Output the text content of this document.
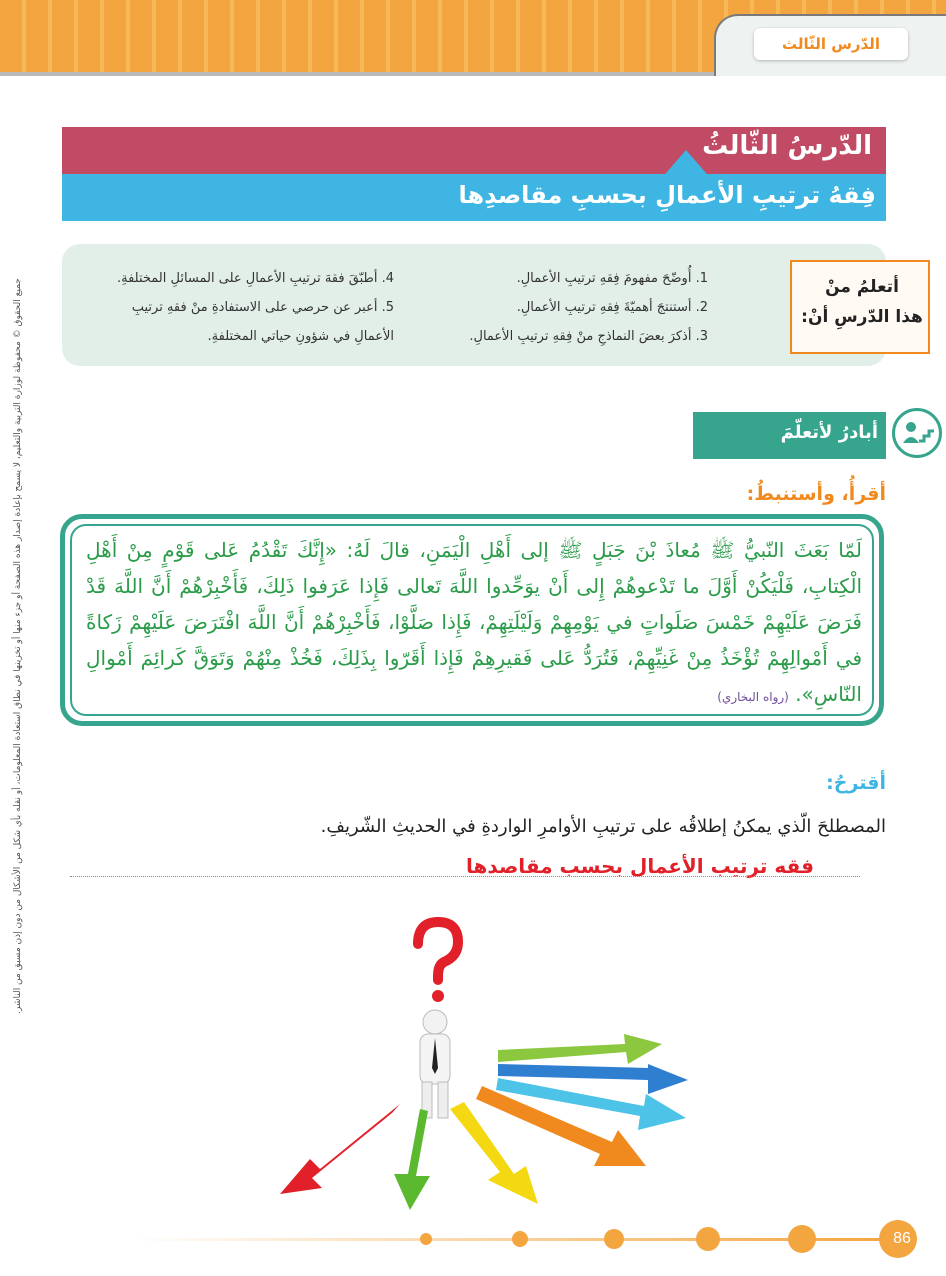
الدّرس الثّالث
الدّرسُ الثّالثُ
فِقهُ ترتيبِ الأعمالِ بحسبِ مقاصدِها
أتعلمُ منْ
هذا الدّرسِ أنْ:
1. أُوضّحَ مفهومَ فِقهِ ترتيبِ الأعمالِ.
2. أستنتجَ أهميّةَ فِقهِ ترتيبِ الأعمالِ.
3. أذكرَ بعضَ النماذجِ منْ فِقهِ ترتيبِ الأعمالِ.
4. أطبّقَ فقهَ ترتيبِ الأعمالِ على المسائلِ المختلفةِ.
5. أعبر عن حرصي على الاستفادةِ منْ فقهِ ترتيبِ الأعمالِ في شؤونِ حياتي المختلفةِ.
جميع الحقوق © محفوظة لوزارة التربية والتعليم، لا يسمح بإعادة إصدار هذه الصفحة أو جزء منها أو تخزينها في نطاق استعادة المعلومات، أو نقله بأي شكل من الأشكال من دون إذن مسبق من الناشر.	أبادرُ لأتعلّمَ
أقرأُ، وأستنبطُ:
لَمّا بَعَثَ النّبيُّ ﷺ مُعاذَ بْنَ جَبَلٍ ﷺ إلى أَهْلِ الْيَمَنِ، قالَ لَهُ: «إِنَّكَ تَقْدُمُ عَلى قَوْمٍ مِنْ أَهْلِ الْكِتابِ، فَلْيَكُنْ أَوَّلَ ما تَدْعوهُمْ إِلى أَنْ يوَحِّدوا اللَّهَ تَعالى فَإِذا عَرَفوا ذَلِكَ، فَأَخْبِرْهُمْ أَنَّ اللَّهَ قَدْ فَرَضَ عَلَيْهِمْ خَمْسَ صَلَواتٍ في يَوْمِهِمْ وَلَيْلَتِهِمْ، فَإِذا صَلَّوْا، فَأَخْبِرْهُمْ أَنَّ اللَّهَ افْتَرَضَ عَلَيْهِمْ زَكاةً في أَمْوالِهِمْ تُؤْخَذُ مِنْ غَنِيِّهِمْ، فَتُرَدُّ عَلى فَقيرِهِمْ فَإِذا أَقَرّوا بِذَلِكَ، فَخُذْ مِنْهُمْ وَتَوَقَّ كَرائِمَ أَمْوالِ النّاسِ». (رواه البخاري)
أقترحُ:
المصطلحَ الّذي يمكنُ إطلاقُه على ترتيبِ الأوامرِ الواردةِ في الحديثِ الشّريفِ.
فقه ترتيب الأعمال بحسب مقاصدها
86
